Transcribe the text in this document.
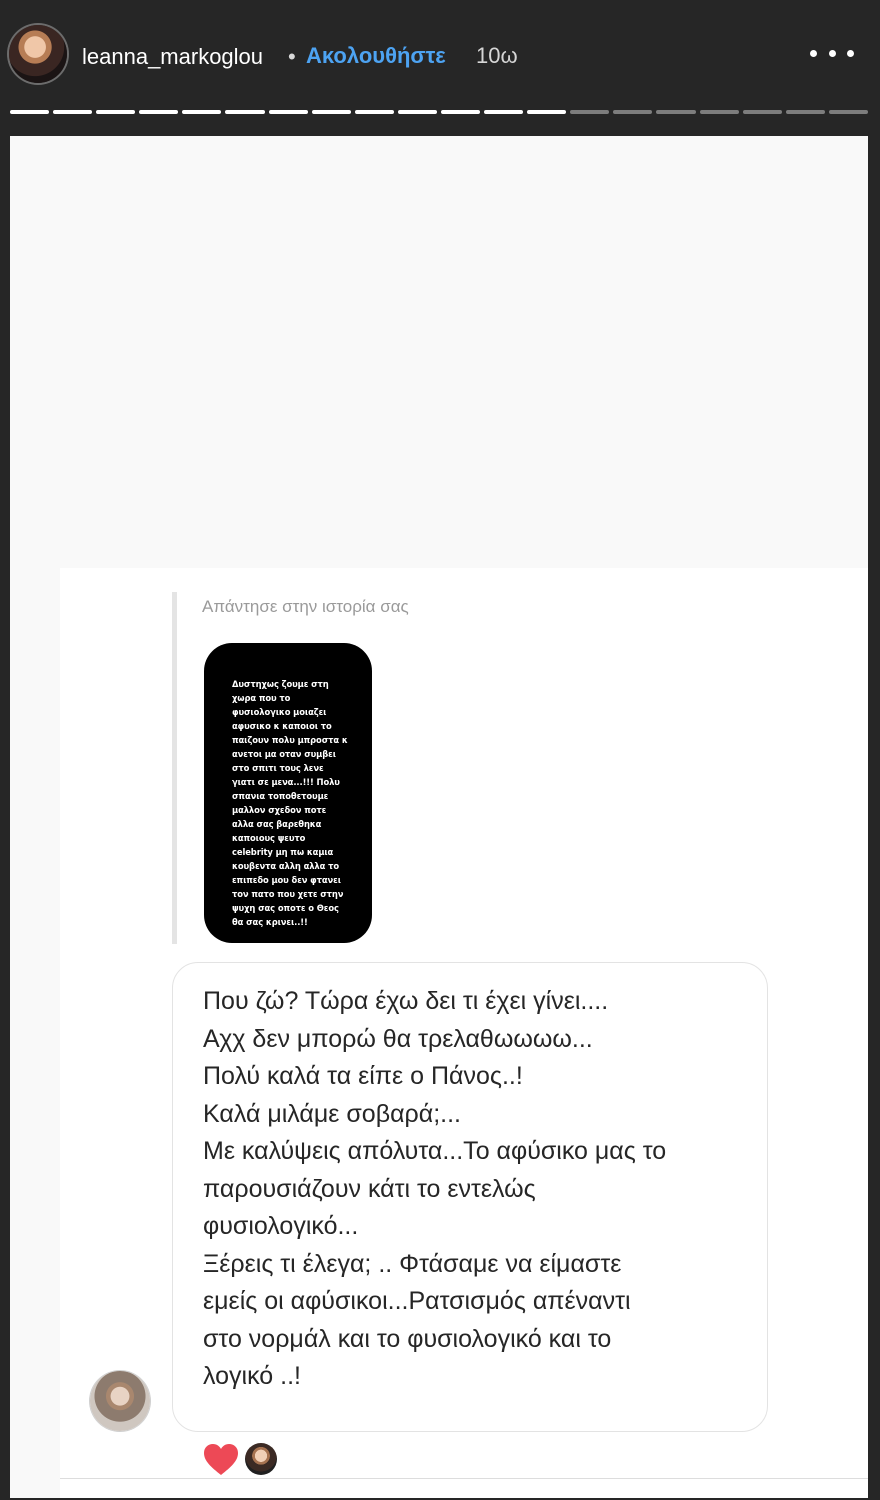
leanna_markoglou • Ακολουθήστε 10ω
Απάντησε στην ιστορία σας
Δυστηχως ζουμε στη
χωρα που το
φυσιολογικο μοιαζει
αφυσικο κ καποιοι το
παιζουν πολυ μπροστα κ
ανετοι μα οταν συμβει
στο σπιτι τους λενε
γιατι σε μενα...!!! Πολυ
σπανια τοποθετουμε
μαλλον σχεδον ποτε
αλλα σας βαρεθηκα
καποιους ψευτο
celebrity μη πω καμια
κουβεντα αλλη αλλα το
επιπεδο μου δεν φτανει
τον πατο που χετε στην
ψυχη σας οποτε ο Θεος
θα σας κρινει..!!
Που ζώ? Τώρα έχω δει τι έχει γίνει....
Αχχ δεν μπορώ θα τρελαθωωωω...
Πολύ καλά τα είπε ο Πάνος..!
Καλά μιλάμε σοβαρά;...
Με καλύψεις απόλυτα...Το αφύσικο μας το
παρουσιάζουν κάτι το εντελώς
φυσιολογικό...
Ξέρεις τι έλεγα; .. Φτάσαμε να είμαστε
εμείς οι αφύσικοι...Ρατσισμός απέναντι
στο νορμάλ και το φυσιολογικό και το
λογικό ..!
